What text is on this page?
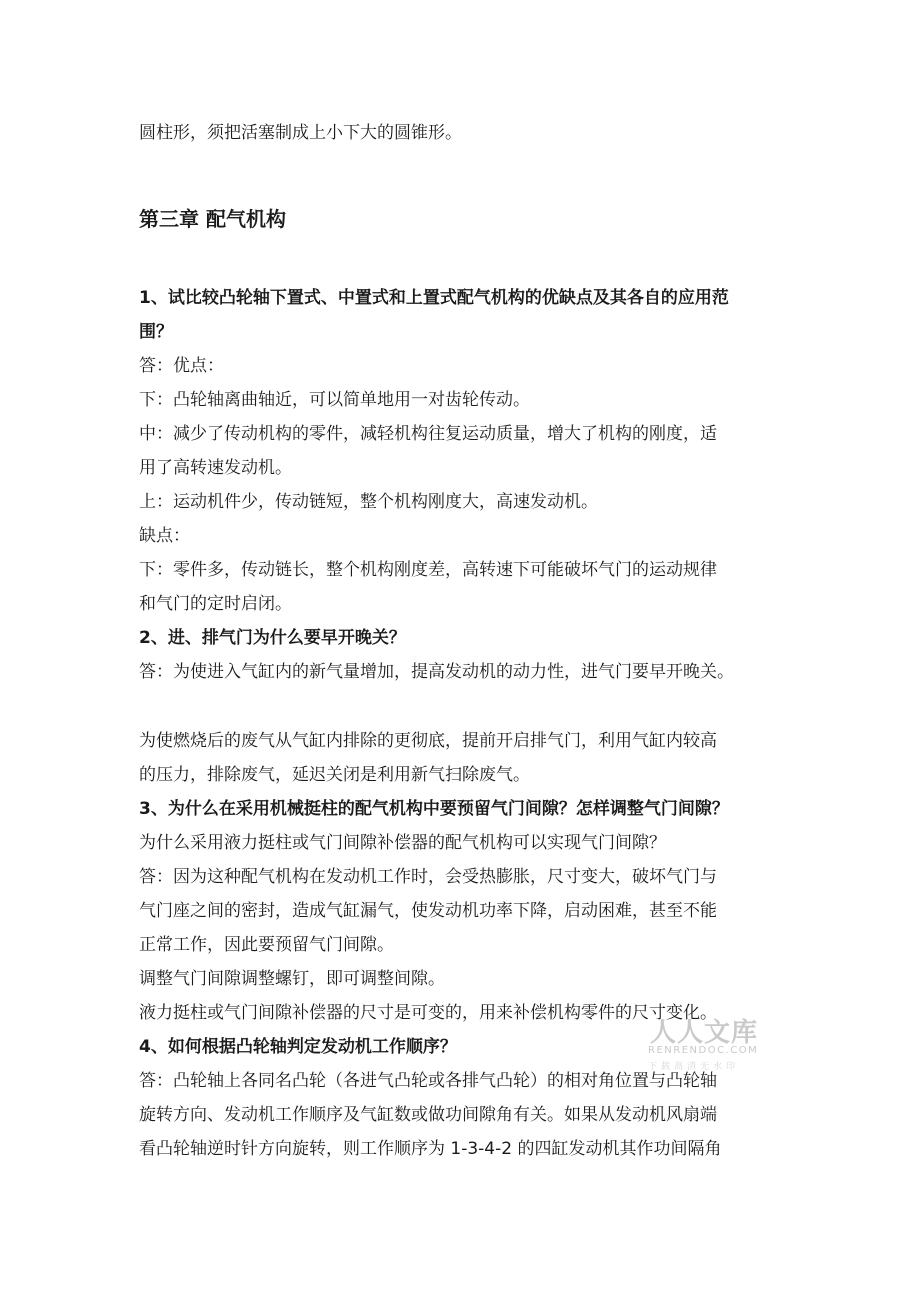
圆柱形，须把活塞制成上小下大的圆锥形。
第三章 配气机构
1、试比较凸轮轴下置式、中置式和上置式配气机构的优缺点及其各自的应用范
围？
答：优点：
下：凸轮轴离曲轴近，可以简单地用一对齿轮传动。
中：减少了传动机构的零件，减轻机构往复运动质量，增大了机构的刚度，适
用了高转速发动机。
上：运动机件少，传动链短，整个机构刚度大，高速发动机。
缺点：
下：零件多，传动链长，整个机构刚度差，高转速下可能破坏气门的运动规律
和气门的定时启闭。
2、进、排气门为什么要早开晚关？
答：为使进入气缸内的新气量增加，提高发动机的动力性，进气门要早开晚关。
为使燃烧后的废气从气缸内排除的更彻底，提前开启排气门，利用气缸内较高
的压力，排除废气，延迟关闭是利用新气扫除废气。
3、为什么在采用机械挺柱的配气机构中要预留气门间隙？怎样调整气门间隙？
为什么采用液力挺柱或气门间隙补偿器的配气机构可以实现气门间隙？
答：因为这种配气机构在发动机工作时，会受热膨胀，尺寸变大，破坏气门与
气门座之间的密封，造成气缸漏气，使发动机功率下降，启动困难，甚至不能
正常工作，因此要预留气门间隙。
调整气门间隙调整螺钉，即可调整间隙。
液力挺柱或气门间隙补偿器的尺寸是可变的，用来补偿机构零件的尺寸变化。
4、如何根据凸轮轴判定发动机工作顺序？
答：凸轮轴上各同名凸轮（各进气凸轮或各排气凸轮）的相对角位置与凸轮轴
旋转方向、发动机工作顺序及气缸数或做功间隙角有关。如果从发动机风扇端
看凸轮轴逆时针方向旋转，则工作顺序为 1-3-4-2 的四缸发动机其作功间隔角
人人文库
RENRENDOC.COM
下载高清无水印
